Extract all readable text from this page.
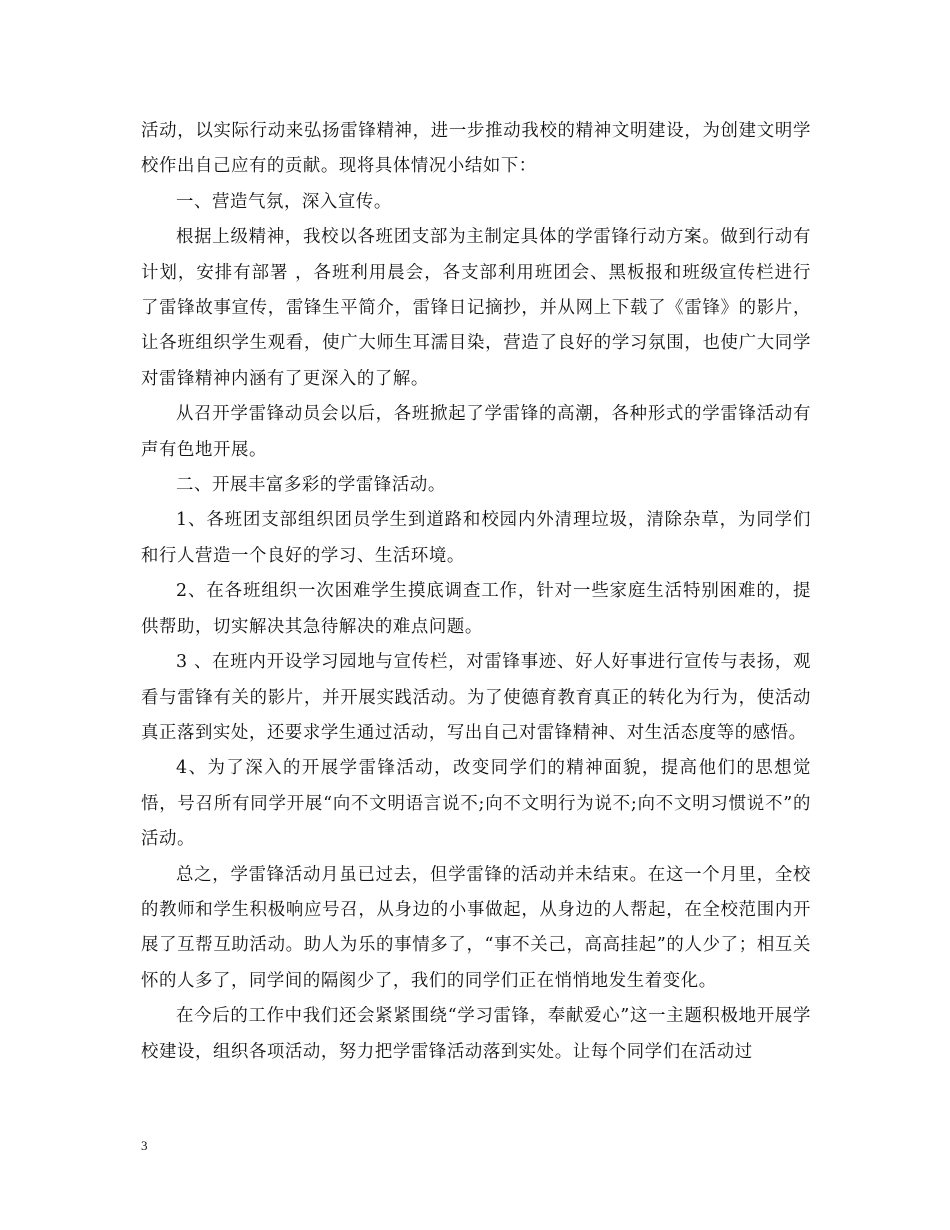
活动，以实际行动来弘扬雷锋精神，进一步推动我校的精神文明建设，为创建文明学校作出自己应有的贡献。现将具体情况小结如下：

一、营造气氛，深入宣传。

根据上级精神，我校以各班团支部为主制定具体的学雷锋行动方案。做到行动有计划，安排有部署 ，各班利用晨会，各支部利用班团会、黑板报和班级宣传栏进行了雷锋故事宣传，雷锋生平简介，雷锋日记摘抄，并从网上下载了《雷锋》的影片，让各班组织学生观看，使广大师生耳濡目染，营造了良好的学习氛围，也使广大同学对雷锋精神内涵有了更深入的了解。

从召开学雷锋动员会以后，各班掀起了学雷锋的高潮，各种形式的学雷锋活动有声有色地开展。

二、开展丰富多彩的学雷锋活动。

1、各班团支部组织团员学生到道路和校园内外清理垃圾，清除杂草，为同学们和行人营造一个良好的学习、生活环境。

2、在各班组织一次困难学生摸底调查工作，针对一些家庭生活特别困难的，提供帮助，切实解决其急待解决的难点问题。

3 、在班内开设学习园地与宣传栏，对雷锋事迹、好人好事进行宣传与表扬，观看与雷锋有关的影片，并开展实践活动。为了使德育教育真正的转化为行为，使活动真正落到实处，还要求学生通过活动，写出自己对雷锋精神、对生活态度等的感悟。

4、为了深入的开展学雷锋活动，改变同学们的精神面貌，提高他们的思想觉悟，号召所有同学开展“向不文明语言说不;向不文明行为说不;向不文明习惯说不”的活动。

总之，学雷锋活动月虽已过去，但学雷锋的活动并未结束。在这一个月里，全校的教师和学生积极响应号召，从身边的小事做起，从身边的人帮起，在全校范围内开展了互帮互助活动。助人为乐的事情多了，“事不关己，高高挂起”的人少了；相互关怀的人多了，同学间的隔阂少了，我们的同学们正在悄悄地发生着变化。

在今后的工作中我们还会紧紧围绕“学习雷锋，奉献爱心”这一主题积极地开展学校建设，组织各项活动，努力把学雷锋活动落到实处。让每个同学们在活动过

3
